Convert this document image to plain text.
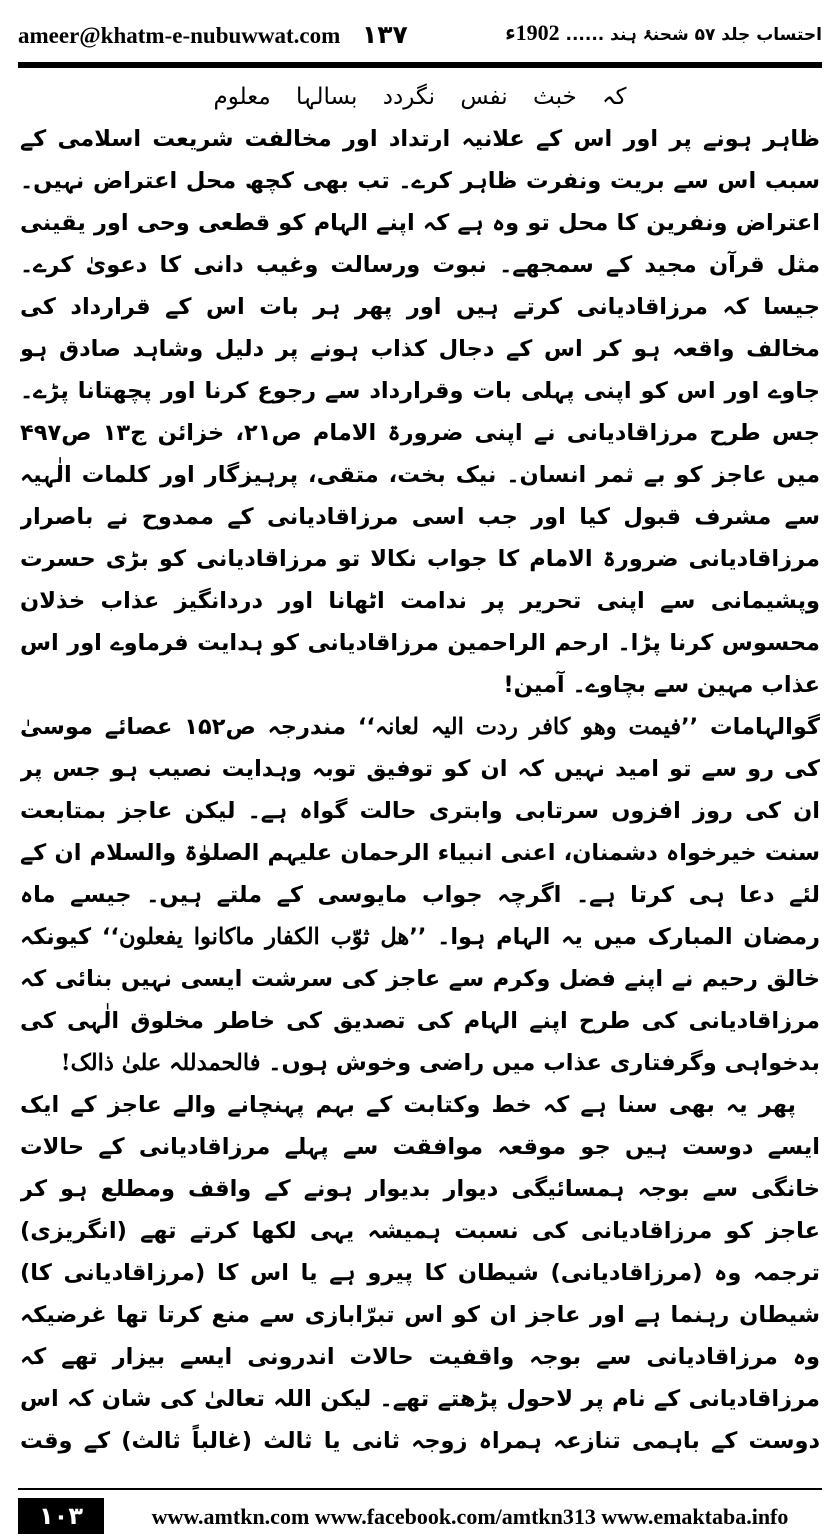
ameer@khatm-e-nubuwwat.com ۱۳۷	احتساب جلد ۵۷ شحنۂ ہند ...... 1902ء

کہ خبث نفس نگردد بسالہا معلوم

ظاہر ہونے پر اور اس کے علانیہ ارتداد اور مخالفت شریعت اسلامی کے سبب اس سے بریت ونفرت ظاہر کرے۔ تب بھی کچھ محل اعتراض نہیں۔ اعتراض ونفرین کا محل تو وہ ہے کہ اپنے الہام کو قطعی وحی اور یقینی مثل قرآن مجید کے سمجھے۔ نبوت ورسالت وغیب دانی کا دعویٰ کرے۔ جیسا کہ مرزاقادیانی کرتے ہیں اور پھر ہر بات اس کے قرارداد کی مخالف واقعہ ہو کر اس کے دجال کذاب ہونے پر دلیل وشاہد صادق ہو جاوے اور اس کو اپنی پہلی بات وقرارداد سے رجوع کرنا اور پچھتانا پڑے۔ جس طرح مرزاقادیانی نے اپنی ضرورۃ الامام ص۲۱، خزائن ج۱۳ ص۴۹۷ میں عاجز کو بے ثمر انسان۔ نیک بخت، متقی، پرہیزگار اور کلمات الٰہیہ سے مشرف قبول کیا اور جب اسی مرزاقادیانی کے ممدوح نے باصرار مرزاقادیانی ضرورۃ الامام کا جواب نکالا تو مرزاقادیانی کو بڑی حسرت وپشیمانی سے اپنی تحریر پر ندامت اٹھانا اور دردانگیز عذاب خذلان محسوس کرنا پڑا۔ ارحم الراحمین مرزاقادیانی کو ہدایت فرماوے اور اس عذاب مہین سے بچاوے۔ آمین!

گوالہامات ’’فیمت وھو کافر ردت الیہ لعانہ‘‘ مندرجہ ص۱۵۲ عصائے موسیٰ کی رو سے تو امید نہیں کہ ان کو توفیق توبہ وہدایت نصیب ہو جس پر ان کی روز افزوں سرتابی وابتری حالت گواہ ہے۔ لیکن عاجز بمتابعت سنت خیرخواہ دشمنان، اعنی انبیاء الرحمان علیہم الصلوٰۃ والسلام ان کے لئے دعا ہی کرتا ہے۔ اگرچہ جواب مایوسی کے ملتے ہیں۔ جیسے ماہ رمضان المبارک میں یہ الہام ہوا۔ ’’ھل ثوّب الکفار ماکانوا یفعلون‘‘ کیونکہ خالق رحیم نے اپنے فضل وکرم سے عاجز کی سرشت ایسی نہیں بنائی کہ مرزاقادیانی کی طرح اپنے الہام کی تصدیق کی خاطر مخلوق الٰہی کی بدخواہی وگرفتاری عذاب میں راضی وخوش ہوں۔ فالحمدللہ علیٰ ذالک!

پھر یہ بھی سنا ہے کہ خط وکتابت کے بہم پہنچانے والے عاجز کے ایک ایسے دوست ہیں جو موقعہ موافقت سے پہلے مرزاقادیانی کے حالات خانگی سے بوجہ ہمسائیگی دیوار بدیوار ہونے کے واقف ومطلع ہو کر عاجز کو مرزاقادیانی کی نسبت ہمیشہ یہی لکھا کرتے تھے (انگریزی) ترجمہ وہ (مرزاقادیانی) شیطان کا پیرو ہے یا اس کا (مرزاقادیانی کا) شیطان رہنما ہے اور عاجز ان کو اس تبرّابازی سے منع کرتا تھا غرضیکہ وہ مرزاقادیانی سے بوجہ واقفیت حالات اندرونی ایسے بیزار تھے کہ مرزاقادیانی کے نام پر لاحول پڑھتے تھے۔ لیکن اللہ تعالیٰ کی شان کہ اس دوست کے باہمی تنازعہ ہمراہ زوجہ ثانی یا ثالث (غالباً ثالث) کے وقت

۱۰۳	www.amtkn.com www.facebook.com/amtkn313 www.emaktaba.info
